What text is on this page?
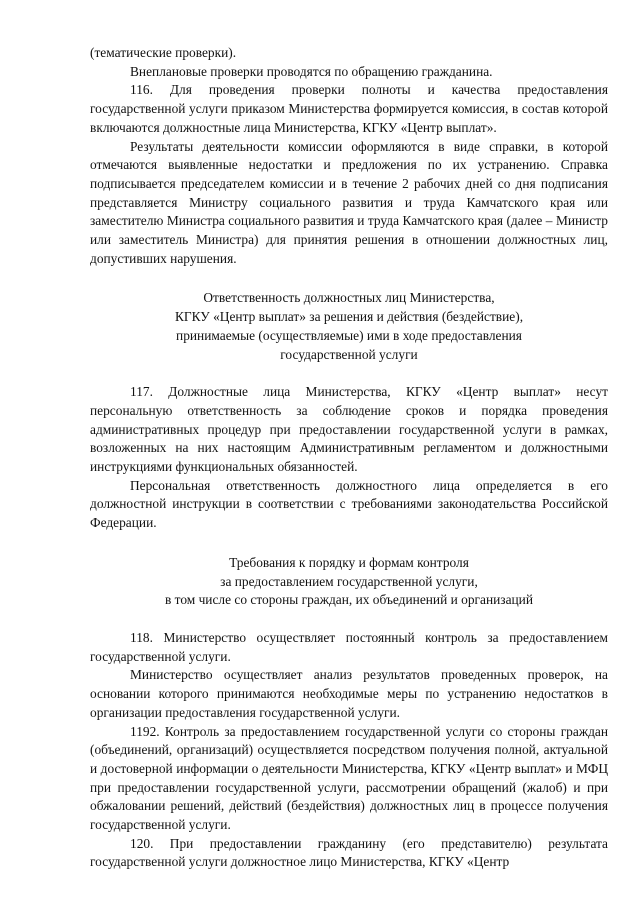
(тематические проверки).

Внеплановые проверки проводятся по обращению гражданина.

116. Для проведения проверки полноты и качества предоставления государственной услуги приказом Министерства формируется комиссия, в состав которой включаются должностные лица Министерства, КГКУ «Центр выплат».

Результаты деятельности комиссии оформляются в виде справки, в которой отмечаются выявленные недостатки и предложения по их устранению. Справка подписывается председателем комиссии и в течение 2 рабочих дней со дня подписания представляется Министру социального развития и труда Камчатского края или заместителю Министра социального развития и труда Камчатского края (далее – Министр или заместитель Министра) для принятия решения в отношении должностных лиц, допустивших нарушения.

Ответственность должностных лиц Министерства,
КГКУ «Центр выплат» за решения и действия (бездействие),
принимаемые (осуществляемые) ими в ходе предоставления
государственной услуги

117. Должностные лица Министерства, КГКУ «Центр выплат» несут персональную ответственность за соблюдение сроков и порядка проведения административных процедур при предоставлении государственной услуги в рамках, возложенных на них настоящим Административным регламентом и должностными инструкциями функциональных обязанностей.

Персональная ответственность должностного лица определяется в его должностной инструкции в соответствии с требованиями законодательства Российской Федерации.

Требования к порядку и формам контроля
за предоставлением государственной услуги,
в том числе со стороны граждан, их объединений и организаций

118. Министерство осуществляет постоянный контроль за предоставлением государственной услуги.

Министерство осуществляет анализ результатов проведенных проверок, на основании которого принимаются необходимые меры по устранению недостатков в организации предоставления государственной услуги.

1192. Контроль за предоставлением государственной услуги со стороны граждан (объединений, организаций) осуществляется посредством получения полной, актуальной и достоверной информации о деятельности Министерства, КГКУ «Центр выплат» и МФЦ при предоставлении государственной услуги, рассмотрении обращений (жалоб) и при обжаловании решений, действий (бездействия) должностных лиц в процессе получения государственной услуги.

120. При предоставлении гражданину (его представителю) результата государственной услуги должностное лицо Министерства, КГКУ «Центр
